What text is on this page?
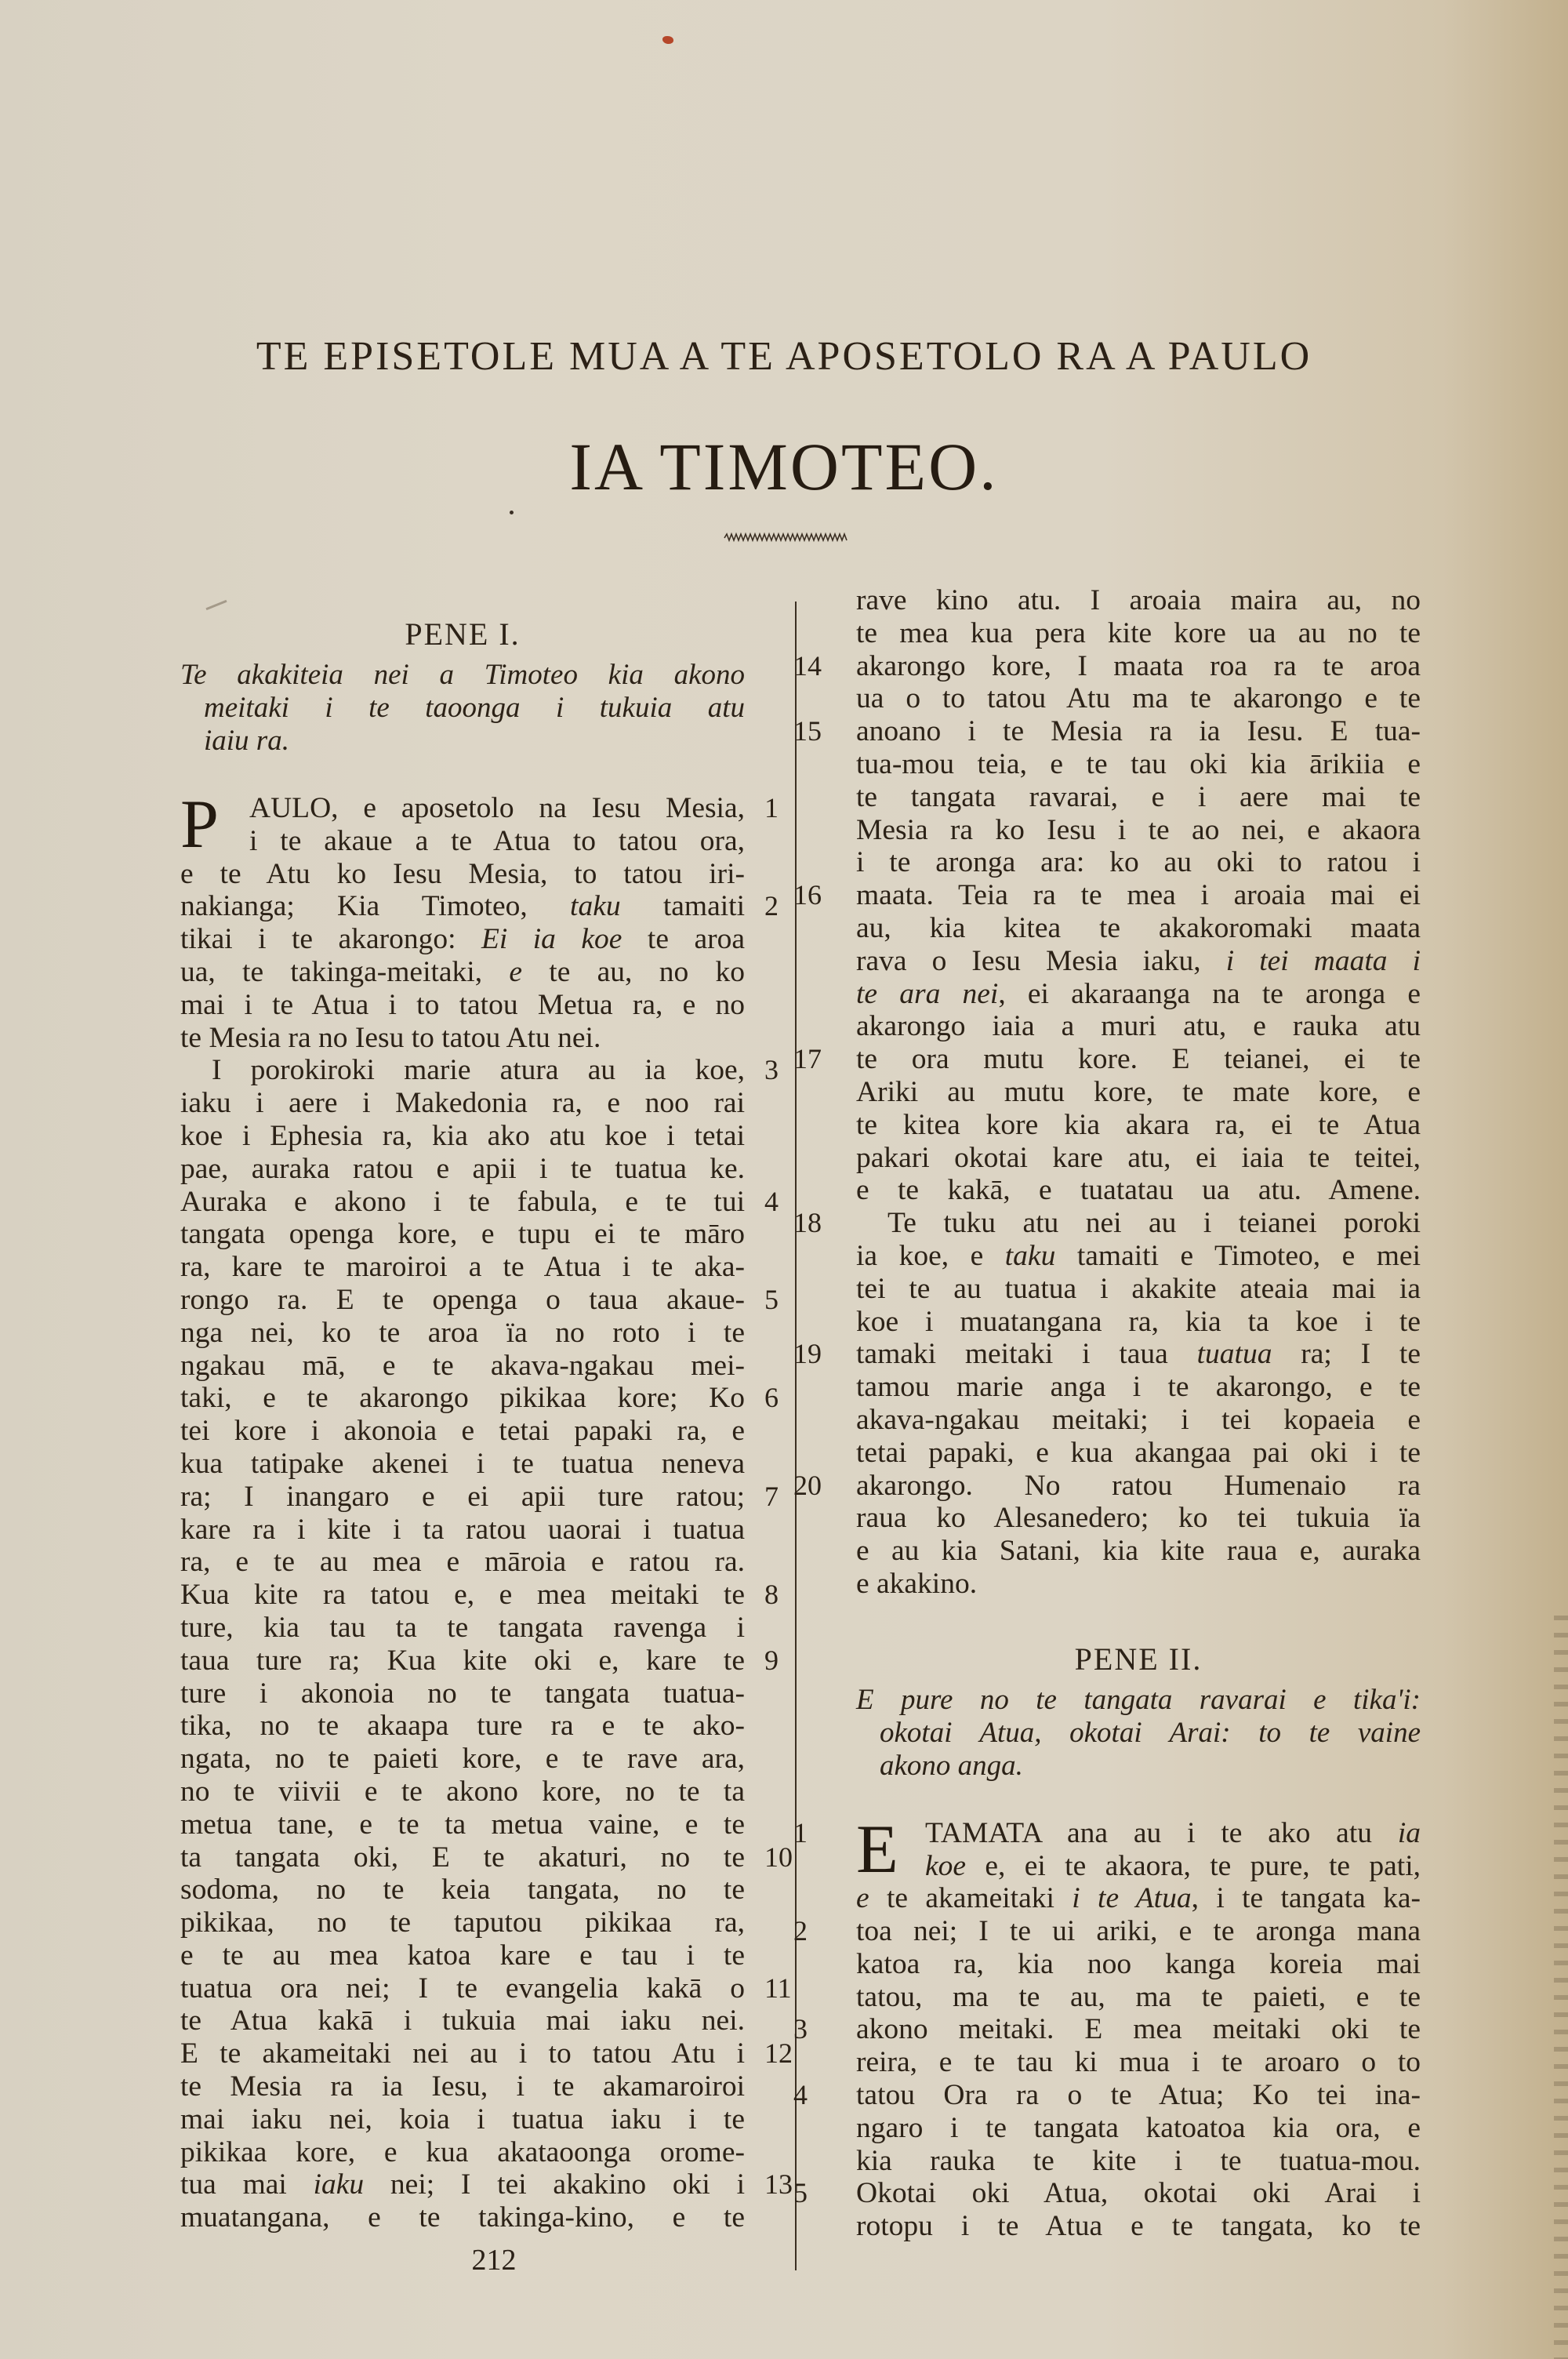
TE EPISETOLE MUA A TE APOSETOLO RA A PAULO
IA TIMOTEO.
PENE I.
Te akakiteia nei a Timoteo kia akono
meitaki i te taoonga i tukuia atu
iaiu ra.
P	AULO, e aposetolo na Iesu Mesia, 1
i te akaue a te Atua to tatou ora,
e te Atu ko Iesu Mesia, to tatou iri-
nakianga; Kia Timoteo, taku tamaiti 2
tikai i te akarongo: Ei ia koe te aroa
ua, te takinga-meitaki, e te au, no ko
mai i te Atua i to tatou Metua ra, e no
te Mesia ra no Iesu to tatou Atu nei.
I porokiroki marie atura au ia koe, 3
iaku i aere i Makedonia ra, e noo rai
koe i Ephesia ra, kia ako atu koe i tetai
pae, auraka ratou e apii i te tuatua ke.
Auraka e akono i te fabula, e te tui 4
tangata openga kore, e tupu ei te māro
ra, kare te maroiroi a te Atua i te aka-
rongo ra. E te openga o taua akaue- 5
nga nei, ko te aroa ïa no roto i te
ngakau mā, e te akava-ngakau mei-
taki, e te akarongo pikikaa kore; Ko 6
tei kore i akonoia e tetai papaki ra, e
kua tatipake akenei i te tuatua neneva
ra; I inangaro e ei apii ture ratou; 7
kare ra i kite i ta ratou uaorai i tuatua
ra, e te au mea e māroia e ratou ra.
Kua kite ra tatou e, e mea meitaki te 8
ture, kia tau ta te tangata ravenga i
taua ture ra; Kua kite oki e, kare te 9
ture i akonoia no te tangata tuatua-
tika, no te akaapa ture ra e te ako-
ngata, no te paieti kore, e te rave ara,
no te viivii e te akono kore, no te ta
metua tane, e te ta metua vaine, e te
ta tangata oki, E te akaturi, no te 10
sodoma, no te keia tangata, no te
pikikaa, no te taputou pikikaa ra,
e te au mea katoa kare e tau i te
tuatua ora nei; I te evangelia kakā o 11
te Atua kakā i tukuia mai iaku nei.
E te akameitaki nei au i to tatou Atu i 12
te Mesia ra ia Iesu, i te akamaroiroi
mai iaku nei, koia i tuatua iaku i te
pikikaa kore, e kua akataoonga orome-
tua mai iaku nei; I tei akakino oki i 13
muatangana, e te takinga-kino, e te
rave kino atu. I aroaia maira au, no
te mea kua pera kite kore ua au no te
akarongo kore, I maata roa ra te aroa
14
ua o to tatou Atu ma te akarongo e te
anoano i te Mesia ra ia Iesu. E tua-
15
tua-mou teia, e te tau oki kia ārikiia e
te tangata ravarai, e i aere mai te
Mesia ra ko Iesu i te ao nei, e akaora
i te aronga ara: ko au oki to ratou i
maata. Teia ra te mea i aroaia mai ei
16
au, kia kitea te akakoromaki maata
rava o Iesu Mesia iaku, i tei maata i
te ara nei, ei akaraanga na te aronga e
akarongo iaia a muri atu, e rauka atu
te ora mutu kore. E teianei, ei te
17
Ariki au mutu kore, te mate kore, e
te kitea kore kia akara ra, ei te Atua
pakari okotai kare atu, ei iaia te teitei,
e te kakā, e tuatatau ua atu. Amene.
Te tuku atu nei au i teianei poroki
18
ia koe, e taku tamaiti e Timoteo, e mei
tei te au tuatua i akakite ateaia mai ia
koe i muatangana ra, kia ta koe i te
tamaki meitaki i taua tuatua ra; I te
19
tamou marie anga i te akarongo, e te
akava-ngakau meitaki; i tei kopaeia e
tetai papaki, e kua akangaa pai oki i te
akarongo. No ratou Humenaio ra
20
raua ko Alesanedero; ko tei tukuia ïa
e au kia Satani, kia kite raua e, auraka
e akakino.
PENE II.
E pure no te tangata ravarai e tika'i:
okotai Atua, okotai Arai: to te vaine
akono anga.
E TAMATA ana au i te ako atu ia
1
koe e, ei te akaora, te pure, te pati,
e te akameitaki i te Atua, i te tangata ka-
toa nei; I te ui ariki, e te aronga mana
2
katoa ra, kia noo kanga koreia mai
tatou, ma te au, ma te paieti, e te
akono meitaki. E mea meitaki oki te
3
reira, e te tau ki mua i te aroaro o to
tatou Ora ra o te Atua; Ko tei ina-
4
ngaro i te tangata katoatoa kia ora, e
kia rauka te kite i te tuatua-mou.
Okotai oki Atua, okotai oki Arai i
5
rotopu i te Atua e te tangata, ko te
212
